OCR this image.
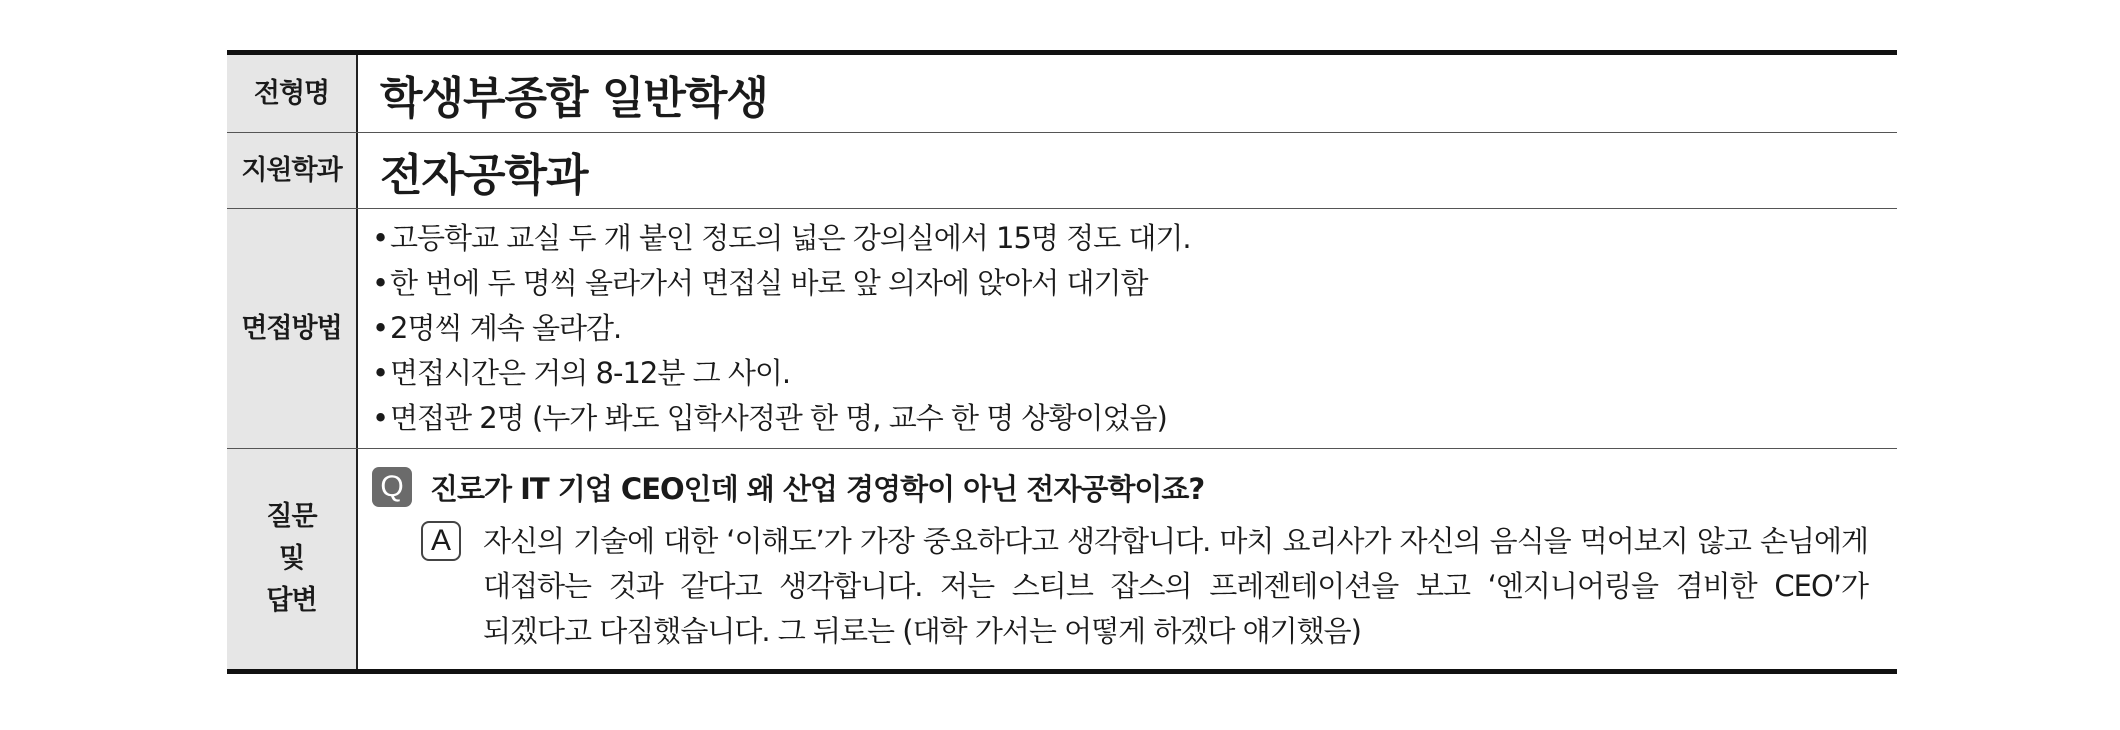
전형명	학생부종합 일반학생
지원학과 전자공학과
면접방법
• 고등학교 교실 두 개 붙인 정도의 넓은 강의실에서 15명 정도 대기.
• 한 번에 두 명씩 올라가서 면접실 바로 앞 의자에 앉아서 대기함
• 2명씩 계속 올라감.
• 면접시간은 거의 8-12분 그 사이.
• 면접관 2명 (누가 봐도 입학사정관 한 명, 교수 한 명 상황이었음)
질문
및
답변
Q 진로가 IT 기업 CEO인데 왜 산업 경영학이 아닌 전자공학이죠?
A	자신의 기술에 대한 ‘이해도’가 가장 중요하다고 생각합니다. 마치 요리사가 자신의 음식을 먹어보지 않고 손님에게 대접하는 것과 같다고 생각합니다. 저는 스티브 잡스의 프레젠테이션을 보고 ‘엔지니어링을 겸비한 CEO’가 되겠다고 다짐했습니다. 그 뒤로는 (대학 가서는 어떻게 하겠다 얘기했음)
